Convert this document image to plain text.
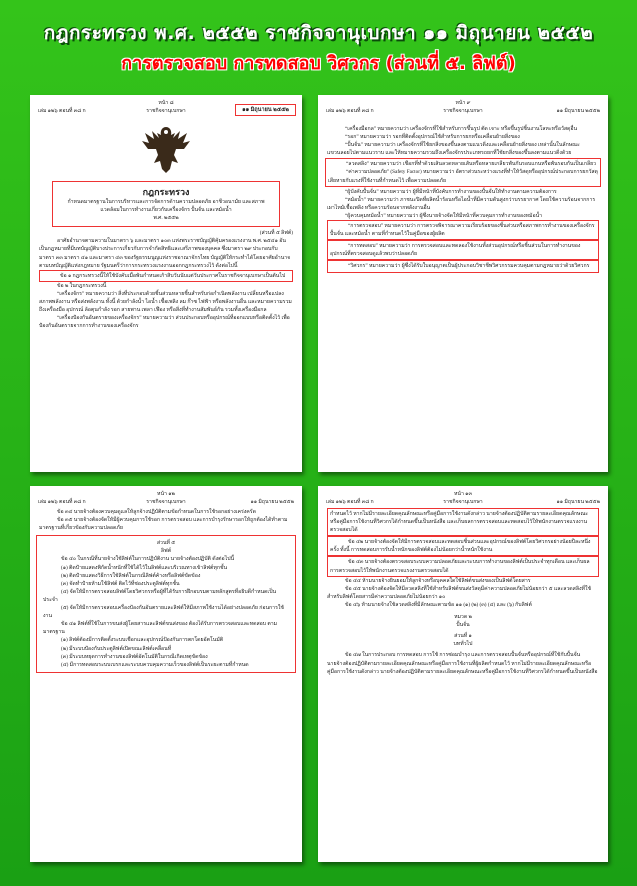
กฎกระทรวง พ.ศ. ๒๕๕๒ ราชกิจจานุเบกษา ๑๑ มิถุนายน ๒๕๕๒
การตรวจสอบ การทดสอบ วิศวกร (ส่วนที่ ๕. ลิฟต์)
หน้า ๘
เล่ม ๑๒๖ ตอนที่ ๓๘ ก	ราชกิจจานุเบกษา	๑๑ มิถุนายน ๒๕๕๒

กฎกระทรวง

กำหนดมาตรฐานในการบริหารและการจัดการด้านความปลอดภัย อาชีวอนามัย และสภาพแวดล้อมในการทำงานเกี่ยวกับเครื่องจักร ปั้นจั่น และหม้อน้ำ

พ.ศ. ๒๕๕๒

(ส่วนที่ ๕ ลิฟต์)

อาศัยอำนาจตามความในมาตรา ๖ และมาตรา ๑๐๓ แห่งพระราชบัญญัติคุ้มครองแรงงาน พ.ศ. ๒๕๔๑ อันเป็นกฎหมายที่มีบทบัญญัติบางประการเกี่ยวกับการจำกัดสิทธิและเสรีภาพของบุคคล ซึ่งมาตรา ๒๙ ประกอบกับมาตรา ๓๓ มาตรา ๔๑ และมาตรา ๔๓ ของรัฐธรรมนูญแห่งราชอาณาจักรไทย บัญญัติให้กระทำได้โดยอาศัยอำนาจตามบทบัญญัติแห่งกฎหมาย รัฐมนตรีว่าการกระทรวงแรงงานออกกฎกระทรวงไว้ ดังต่อไปนี้

ข้อ ๑ กฎกระทรวงนี้ให้ใช้บังคับเมื่อพ้นกำหนดเก้าสิบวันนับแต่วันประกาศในราชกิจจานุเบกษาเป็นต้นไป

ข้อ ๒ ในกฎกระทรวงนี้

“เครื่องจักร” หมายความว่า สิ่งที่ประกอบด้วยชิ้นส่วนหลายชิ้นสำหรับก่อกำเนิดพลังงาน เปลี่ยนหรือแปลงสภาพพลังงาน หรือส่งพลังงาน ทั้งนี้ ด้วยกำลังน้ำ ไอน้ำ เชื้อเพลิง ลม ก๊าซ ไฟฟ้า หรือพลังงานอื่น และหมายความรวมถึงเครื่องมือ อุปกรณ์ ล้อตุนกำลัง รอก สายพาน เพลา เฟือง หรือสิ่งที่ทำงานสัมพันธ์กัน รวมทั้งเครื่องมือกล

“เครื่องป้องกันอันตรายของเครื่องจักร” หมายความว่า ส่วนประกอบหรืออุปกรณ์ที่ออกแบบหรือติดตั้งไว้ เพื่อป้องกันอันตรายจากการทำงานของเครื่องจักร

หน้า ๙
เล่ม ๑๒๖ ตอนที่ ๓๘ ก	ราชกิจจานุเบกษา	๑๑ มิถุนายน ๒๕๕๒

“เครื่องมือกล” หมายความว่า เครื่องจักรที่ใช้สำหรับการขึ้นรูป ตัด เจาะ หรือขึ้นรูปชิ้นงานโลหะหรือวัสดุอื่น

“รอก” หมายความว่า รอกที่ติดตั้งอุปกรณ์ใช้สำหรับการยกหรือเคลื่อนย้ายสิ่งของ

“ปั้นจั่น” หมายความว่า เครื่องจักรที่ใช้ยกสิ่งของขึ้นลงตามแนวดิ่งและเคลื่อนย้ายสิ่งของ เหล่านั้นในลักษณะแขวนลอยไปตามแนวราบ และให้หมายความรวมถึงเครื่องจักรประเภทรถยกที่ใช้ยกสิ่งของขึ้นลงตามแนวดิ่งด้วย

“ลวดสลิง” หมายความว่า เชือกที่ทำด้วยเส้นลวดหลายเส้นหรือหลายเกลียวพันกันรอบแกนหรือพันรอบกันเป็นเกลียว

“ค่าความปลอดภัย” (Safety Factor) หมายความว่า อัตราส่วนระหว่างแรงที่ทำให้วัสดุหรืออุปกรณ์ประกอบการยกวัสดุเสียหายกับแรงที่ใช้งานที่กำหนดไว้ เพื่อความปลอดภัย

“ผู้บังคับปั้นจั่น” หมายความว่า ผู้ที่มีหน้าที่บังคับการทำงานของปั้นจั่นให้ทำงานตามความต้องการ

“หม้อน้ำ” หมายความว่า ภาชนะปิดที่ผลิตน้ำร้อนหรือไอน้ำที่มีความดันสูงกว่าบรรยากาศ โดยใช้ความร้อนจากการเผาไหม้เชื้อเพลิง หรือความร้อนจากพลังงานอื่น

“ผู้ควบคุมหม้อน้ำ” หมายความว่า ผู้ซึ่งนายจ้างจัดให้มีหน้าที่ควบคุมการทำงานของหม้อน้ำ

“การตรวจสอบ” หมายความว่า การตรวจพิจารณาความเรียบร้อยของชิ้นส่วนหรือสภาพการทำงานของเครื่องจักร ปั้นจั่น และหม้อน้ำ ตามที่กำหนดไว้ในคู่มือของผู้ผลิต

“การทดสอบ” หมายความว่า การตรวจสอบและทดลองใช้งานทั้งส่วนอุปกรณ์หรือชิ้นส่วนในการทำงานของอุปกรณ์ที่ตรวจสอบดูแล้วพบว่าปลอดภัย

“วิศวกร” หมายความว่า ผู้ซึ่งได้รับใบอนุญาตเป็นผู้ประกอบวิชาชีพวิศวกรรมควบคุมตามกฎหมายว่าด้วยวิศวกร

หน้า ๑๒
เล่ม ๑๒๖ ตอนที่ ๓๘ ก	ราชกิจจานุเบกษา	๑๑ มิถุนายน ๒๕๕๒

ข้อ ๓๔ นายจ้างต้องควบคุมดูแลให้ลูกจ้างปฏิบัติตามข้อกำหนดในการใช้รอกอย่างเคร่งครัด

ข้อ ๓๕ นายจ้างต้องจัดให้มีผู้ควบคุมการใช้รอก การตรวจสอบ และการบำรุงรักษารอกให้ถูกต้องได้ทำตามมาตรฐานที่เกี่ยวข้องกับความปลอดภัย

ส่วนที่ ๕

ลิฟต์

ข้อ ๔๐ ในกรณีที่นายจ้างใช้ลิฟต์ในการปฏิบัติงาน นายจ้างต้องปฏิบัติ ดังต่อไปนี้

(๑) ติดป้ายแสดงพิกัดน้ำหนักที่ใช้ได้ไว้ในลิฟต์และบริเวณทางเข้าลิฟต์ทุกชั้น

(๒) ติดป้ายแสดงวิธีการใช้ลิฟต์ในกรณีลิฟต์ค้างหรือลิฟต์ขัดข้อง

(๓) จัดทำป้ายห้ามใช้ลิฟต์ ติดไว้ที่ช่องประตูลิฟต์ทุกชั้น

(๔) จัดให้มีการตรวจสอบลิฟต์โดยวิศวกรหรือผู้ที่ได้รับการฝึกอบรมตามหลักสูตรที่อธิบดีกำหนดเป็นประจำ

(๕) จัดให้มีการตรวจสอบเครื่องป้องกันอันตรายและลิฟต์ให้มีสภาพใช้งานได้อย่างปลอดภัย ก่อนการใช้งาน

ข้อ ๔๑ ลิฟต์ที่ใช้ในการขนส่งผู้โดยสารและลิฟต์ขนส่งของ ต้องได้รับการตรวจสอบและทดสอบ ตามมาตรฐาน

(๑) ลิฟต์ต้องมีการติดตั้งระบบเชือกและอุปกรณ์ป้องกันการตกโดยอัตโนมัติ

(๒) มีระบบป้องกันประตูลิฟต์เปิดขณะลิฟต์เคลื่อนที่

(๓) มีระบบหยุดการทำงานของลิฟต์อัตโนมัติในกรณีเกิดเหตุขัดข้อง

(๔) มีการทดสอบระบบเบรกและระบบควบคุมความเร็วของลิฟต์เป็นระยะตามที่กำหนด

หน้า ๑๓
เล่ม ๑๒๖ ตอนที่ ๓๘ ก	ราชกิจจานุเบกษา	๑๑ มิถุนายน ๒๕๕๒

กำหนดไว้ หากไม่มีรายละเอียดคุณลักษณะหรือคู่มือการใช้งานดังกล่าว นายจ้างต้องปฏิบัติตามรายละเอียดคุณลักษณะหรือคู่มือการใช้งานที่วิศวกรได้กำหนดขึ้นเป็นหนังสือ และเก็บผลการตรวจสอบและทดสอบไว้ให้พนักงานตรวจแรงงานตรวจสอบได้

ข้อ ๔๒ นายจ้างต้องจัดให้มีการตรวจสอบและทดสอบชิ้นส่วนและอุปกรณ์ของลิฟต์โดยวิศวกรอย่างน้อยปีละหนึ่งครั้ง ทั้งนี้ การทดสอบการรับน้ำหนักของลิฟต์ต้องไม่น้อยกว่าน้ำหนักใช้งาน

ข้อ ๔๓ นายจ้างต้องตรวจสอบระบบความปลอดภัยและระบบการทำงานของลิฟต์เป็นประจำทุกเดือน และเก็บผลการตรวจสอบไว้ให้พนักงานตรวจแรงงานตรวจสอบได้

ข้อ ๔๔ ห้ามนายจ้างยินยอมให้ลูกจ้างหรือบุคคลใดใช้ลิฟต์ขนส่งของเป็นลิฟต์โดยสาร

ข้อ ๔๕ นายจ้างต้องจัดให้มีลวดสลิงที่ใช้สำหรับลิฟต์ขนส่งวัสดุมีค่าความปลอดภัยไม่น้อยกว่า ๕ และลวดสลิงที่ใช้สำหรับลิฟต์โดยสารมีค่าความปลอดภัยไม่น้อยกว่า ๑๐

ข้อ ๔๖ ห้ามนายจ้างใช้ลวดสลิงที่มีลักษณะตามข้อ ๑๑ (๑) (๒) (๓) (๔) และ (๖) กับลิฟต์

หมวด ๒

ปั้นจั่น

ส่วนที่ ๑

บททั่วไป

ข้อ ๔๗ ในการประกอบ การทดสอบ การใช้ การซ่อมบำรุง และการตรวจสอบปั้นจั่นหรืออุปกรณ์ที่ใช้กับปั้นจั่น นายจ้างต้องปฏิบัติตามรายละเอียดคุณลักษณะหรือคู่มือการใช้งานที่ผู้ผลิตกำหนดไว้ หากไม่มีรายละเอียดคุณลักษณะหรือคู่มือการใช้งานดังกล่าว นายจ้างต้องปฏิบัติตามรายละเอียดคุณลักษณะหรือคู่มือการใช้งานที่วิศวกรได้กำหนดขึ้นเป็นหนังสือ
